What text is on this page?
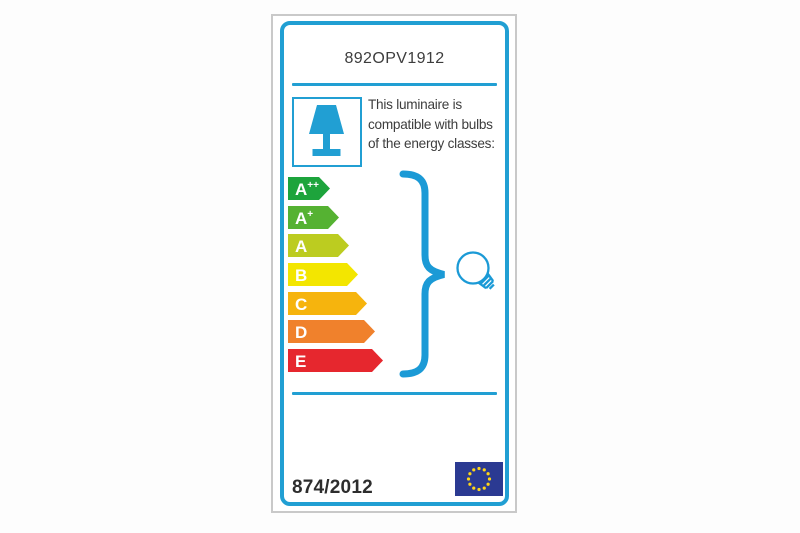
892OPV1912
This luminaire is
compatible with bulbs
of the energy classes:
A++
A+
A
B
C
D
E
874/2012
